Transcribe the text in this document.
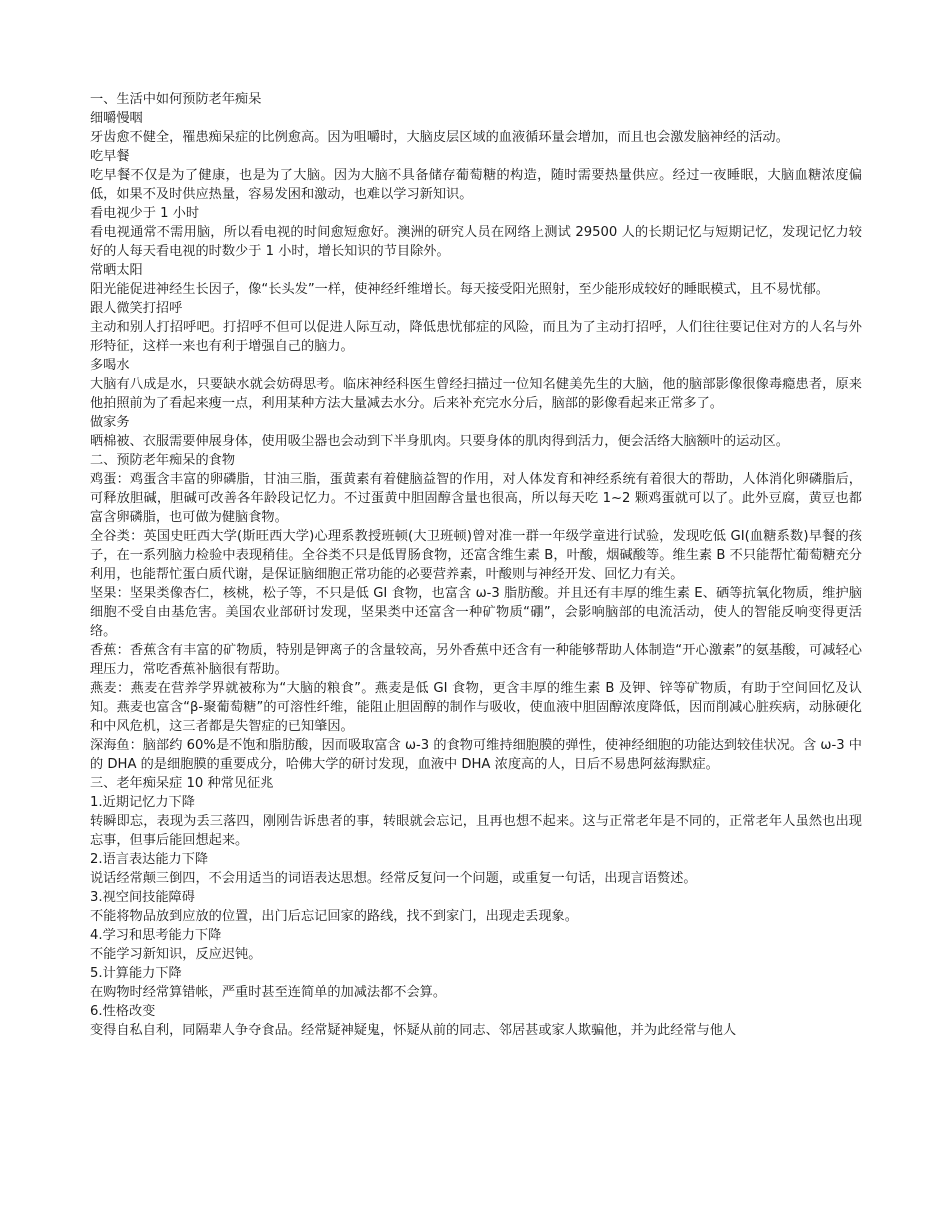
一、生活中如何预防老年痴呆

细嚼慢咽

牙齿愈不健全，罹患痴呆症的比例愈高。因为咀嚼时，大脑皮层区域的血液循环量会增加，而且也会激发脑神经的活动。

吃早餐

吃早餐不仅是为了健康，也是为了大脑。因为大脑不具备储存葡萄糖的构造，随时需要热量供应。经过一夜睡眠，大脑血糖浓度偏低，如果不及时供应热量，容易发困和激动，也难以学习新知识。

看电视少于 1 小时

看电视通常不需用脑，所以看电视的时间愈短愈好。澳洲的研究人员在网络上测试 29500 人的长期记忆与短期记忆，发现记忆力较好的人每天看电视的时数少于 1 小时，增长知识的节目除外。

常晒太阳

阳光能促进神经生长因子，像“长头发”一样，使神经纤维增长。每天接受阳光照射，至少能形成较好的睡眠模式，且不易忧郁。

跟人微笑打招呼

主动和别人打招呼吧。打招呼不但可以促进人际互动，降低患忧郁症的风险，而且为了主动打招呼，人们往往要记住对方的人名与外形特征，这样一来也有利于增强自己的脑力。

多喝水

大脑有八成是水，只要缺水就会妨碍思考。临床神经科医生曾经扫描过一位知名健美先生的大脑，他的脑部影像很像毒瘾患者，原来他拍照前为了看起来瘦一点，利用某种方法大量减去水分。后来补充完水分后，脑部的影像看起来正常多了。

做家务

晒棉被、衣服需要伸展身体，使用吸尘器也会动到下半身肌肉。只要身体的肌肉得到活力，便会活络大脑额叶的运动区。

二、预防老年痴呆的食物

鸡蛋：鸡蛋含丰富的卵磷脂，甘油三脂，蛋黄素有着健脑益智的作用，对人体发育和神经系统有着很大的帮助，人体消化卵磷脂后，可释放胆碱，胆碱可改善各年龄段记忆力。不过蛋黄中胆固醇含量也很高，所以每天吃 1~2 颗鸡蛋就可以了。此外豆腐，黄豆也都富含卵磷脂，也可做为健脑食物。

全谷类：英国史旺西大学(斯旺西大学)心理系教授班顿(大卫班顿)曾对准一群一年级学童进行试验，发现吃低 GI(血糖系数)早餐的孩子，在一系列脑力检验中表现稍佳。全谷类不只是低胃肠食物，还富含维生素 B，叶酸，烟碱酸等。维生素 B 不只能帮忙葡萄糖充分利用，也能帮忙蛋白质代谢，是保证脑细胞正常功能的必要营养素，叶酸则与神经开发、回忆力有关。

坚果：坚果类像杏仁，核桃，松子等，不只是低 GI 食物，也富含 ω-3 脂肪酸。并且还有丰厚的维生素 E、硒等抗氧化物质，维护脑细胞不受自由基危害。美国农业部研讨发现，坚果类中还富含一种矿物质“硼”，会影响脑部的电流活动，使人的智能反响变得更活络。

香蕉：香蕉含有丰富的矿物质，特别是钾离子的含量较高，另外香蕉中还含有一种能够帮助人体制造“开心激素”的氨基酸，可减轻心理压力，常吃香蕉补脑很有帮助。

燕麦：燕麦在营养学界就被称为“大脑的粮食”。燕麦是低 GI 食物，更含丰厚的维生素 B 及钾、锌等矿物质，有助于空间回忆及认知。燕麦也富含“β-聚葡萄糖”的可溶性纤维，能阻止胆固醇的制作与吸收，使血液中胆固醇浓度降低，因而削减心脏疾病，动脉硬化和中风危机，这三者都是失智症的已知肇因。

深海鱼：脑部约 60%是不饱和脂肪酸，因而吸取富含 ω-3 的食物可维持细胞膜的弹性，使神经细胞的功能达到较佳状况。含 ω-3 中的 DHA 的是细胞膜的重要成分，哈佛大学的研讨发现，血液中 DHA 浓度高的人，日后不易患阿兹海默症。

三、老年痴呆症 10 种常见征兆

1.近期记忆力下降

转瞬即忘，表现为丢三落四，刚刚告诉患者的事，转眼就会忘记，且再也想不起来。这与正常老年是不同的，正常老年人虽然也出现忘事，但事后能回想起来。

2.语言表达能力下降

说话经常颠三倒四，不会用适当的词语表达思想。经常反复问一个问题，或重复一句话，出现言语赘述。

3.视空间技能障碍

不能将物品放到应放的位置，出门后忘记回家的路线，找不到家门，出现走丢现象。

4.学习和思考能力下降

不能学习新知识，反应迟钝。

5.计算能力下降

在购物时经常算错帐，严重时甚至连简单的加减法都不会算。

6.性格改变

变得自私自利，同隔辈人争夺食品。经常疑神疑鬼，怀疑从前的同志、邻居甚或家人欺骗他，并为此经常与他人
